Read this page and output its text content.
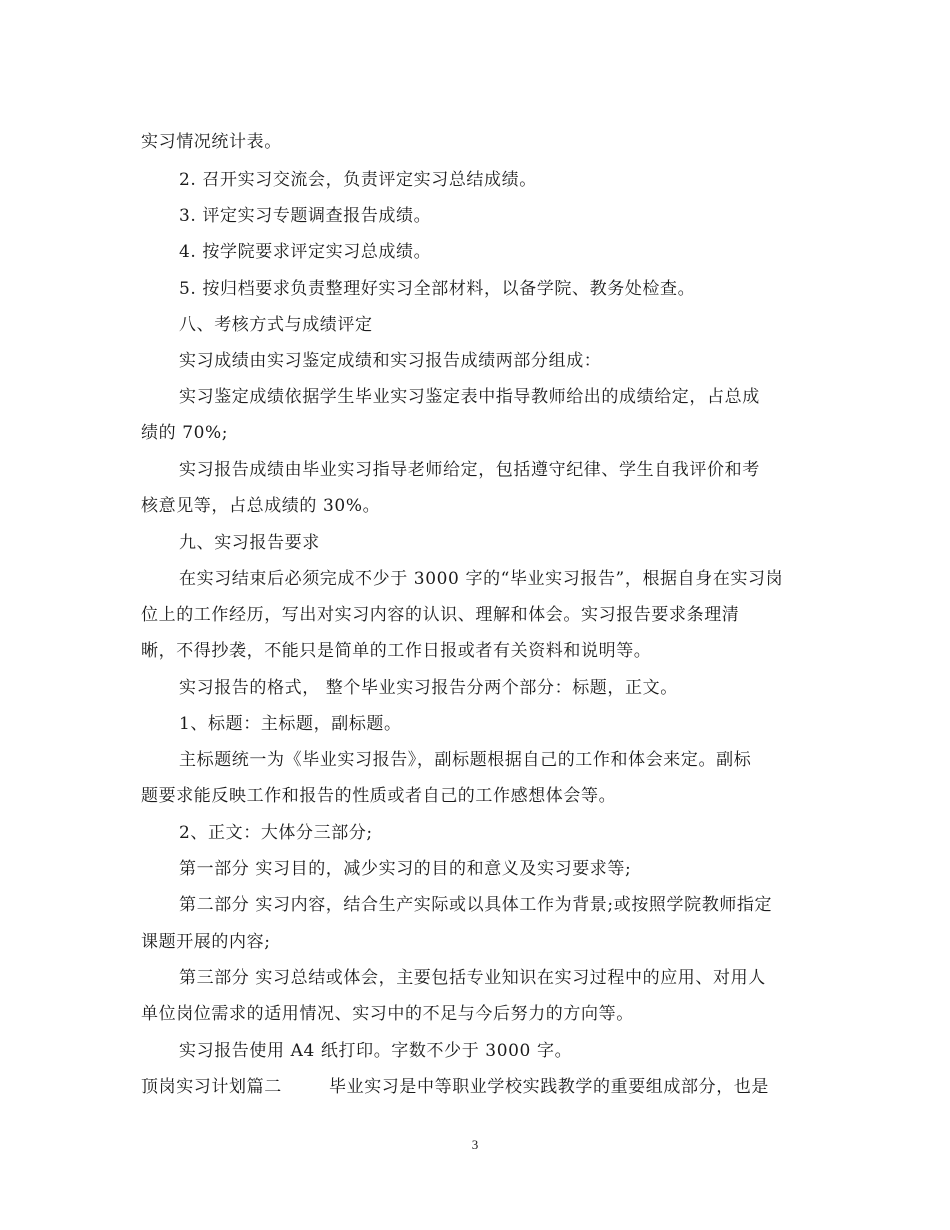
实习情况统计表。
2. 召开实习交流会，负责评定实习总结成绩。
3. 评定实习专题调查报告成绩。
4. 按学院要求评定实习总成绩。
5. 按归档要求负责整理好实习全部材料，以备学院、教务处检查。
八、考核方式与成绩评定
实习成绩由实习鉴定成绩和实习报告成绩两部分组成：
实习鉴定成绩依据学生毕业实习鉴定表中指导教师给出的成绩给定，占总成
绩的 70%;
实习报告成绩由毕业实习指导老师给定，包括遵守纪律、学生自我评价和考
核意见等，占总成绩的 30%。
九、实习报告要求
在实习结束后必须完成不少于 3000 字的“毕业实习报告”，根据自身在实习岗
位上的工作经历，写出对实习内容的认识、理解和体会。实习报告要求条理清
晰，不得抄袭，不能只是简单的工作日报或者有关资料和说明等。
实习报告的格式， 整个毕业实习报告分两个部分：标题，正文。
1、标题：主标题，副标题。
主标题统一为《毕业实习报告》，副标题根据自己的工作和体会来定。副标
题要求能反映工作和报告的性质或者自己的工作感想体会等。
2、正文：大体分三部分;
第一部分 实习目的，减少实习的目的和意义及实习要求等;
第二部分 实习内容，结合生产实际或以具体工作为背景;或按照学院教师指定
课题开展的内容;
第三部分 实习总结或体会，主要包括专业知识在实习过程中的应用、对用人
单位岗位需求的适用情况、实习中的不足与今后努力的方向等。
实习报告使用 A4 纸打印。字数不少于 3000 字。
顶岗实习计划篇二	毕业实习是中等职业学校实践教学的重要组成部分，也是
3
